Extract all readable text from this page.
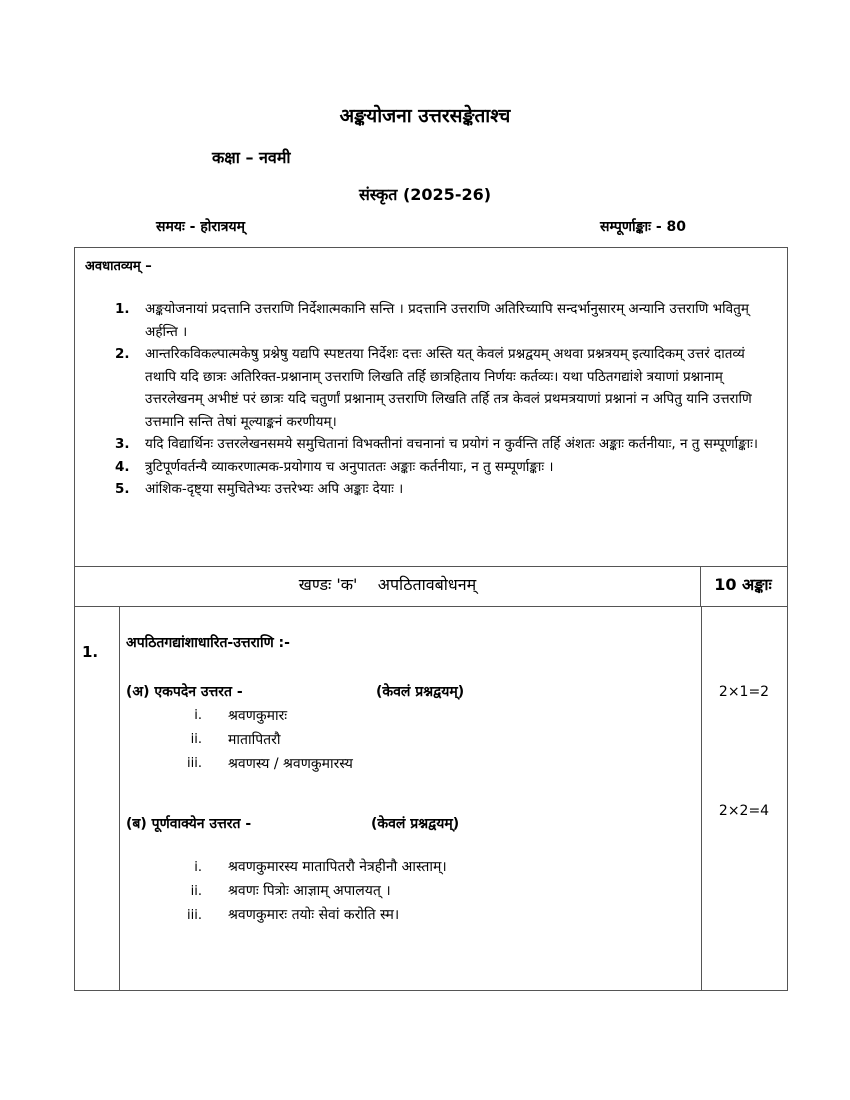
अङ्कयोजना उत्तरसङ्केताश्च
कक्षा – नवमी
संस्कृत (2025-26)
समयः - होरात्रयम्	सम्पूर्णाङ्काः - 80
अवधातव्यम् –
1. अङ्कयोजनायां प्रदत्तानि उत्तराणि निर्देशात्मकानि सन्ति । प्रदत्तानि उत्तराणि अतिरिच्यापि सन्दर्भानुसारम् अन्यानि उत्तराणि भवितुम् अर्हन्ति ।
2. आन्तरिकविकल्पात्मकेषु प्रश्नेषु यद्यपि स्पष्टतया निर्देशः दत्तः अस्ति यत् केवलं प्रश्नद्वयम् अथवा प्रश्नत्रयम् इत्यादिकम् उत्तरं दातव्यं तथापि यदि छात्रः अतिरिक्त-प्रश्नानाम् उत्तराणि लिखति तर्हि छात्रहिताय निर्णयः कर्तव्यः। यथा पठितगद्यांशे त्रयाणां प्रश्नानाम् उत्तरलेखनम् अभीष्टं परं छात्रः यदि चतुर्णां प्रश्नानाम् उत्तराणि लिखति तर्हि तत्र केवलं प्रथमत्रयाणां प्रश्नानां न अपितु यानि उत्तराणि उत्तमानि सन्ति तेषां मूल्याङ्कनं करणीयम्।
3. यदि विद्यार्थिनः उत्तरलेखनसमये समुचितानां विभक्तीनां वचनानां च प्रयोगं न कुर्वन्ति तर्हि अंशतः अङ्काः कर्तनीयाः, न तु सम्पूर्णाङ्काः।
4. त्रुटिपूर्णवर्तन्यै व्याकरणात्मक-प्रयोगाय च अनुपाततः अङ्काः कर्तनीयाः, न तु सम्पूर्णाङ्काः ।
5. आंशिक-दृष्ट्या समुचितेभ्यः उत्तरेभ्यः अपि अङ्काः देयाः ।
खण्डः 'क'    अपठितावबोधनम्	10 अङ्काः
1. अपठितगद्यांशाधारित-उत्तराणि :-
(अ) एकपदेन उत्तरत -	(केवलं प्रश्नद्वयम्)	2×1=2
i. श्रवणकुमारः
ii. मातापितरौ
iii. श्रवणस्य / श्रवणकुमारस्य
2×2=4
(ब) पूर्णवाक्येन उत्तरत -	(केवलं प्रश्नद्वयम्)
i. श्रवणकुमारस्य मातापितरौ नेत्रहीनौ आस्ताम्।
ii. श्रवणः पित्रोः आज्ञाम् अपालयत् ।
iii. श्रवणकुमारः तयोः सेवां करोति स्म।
